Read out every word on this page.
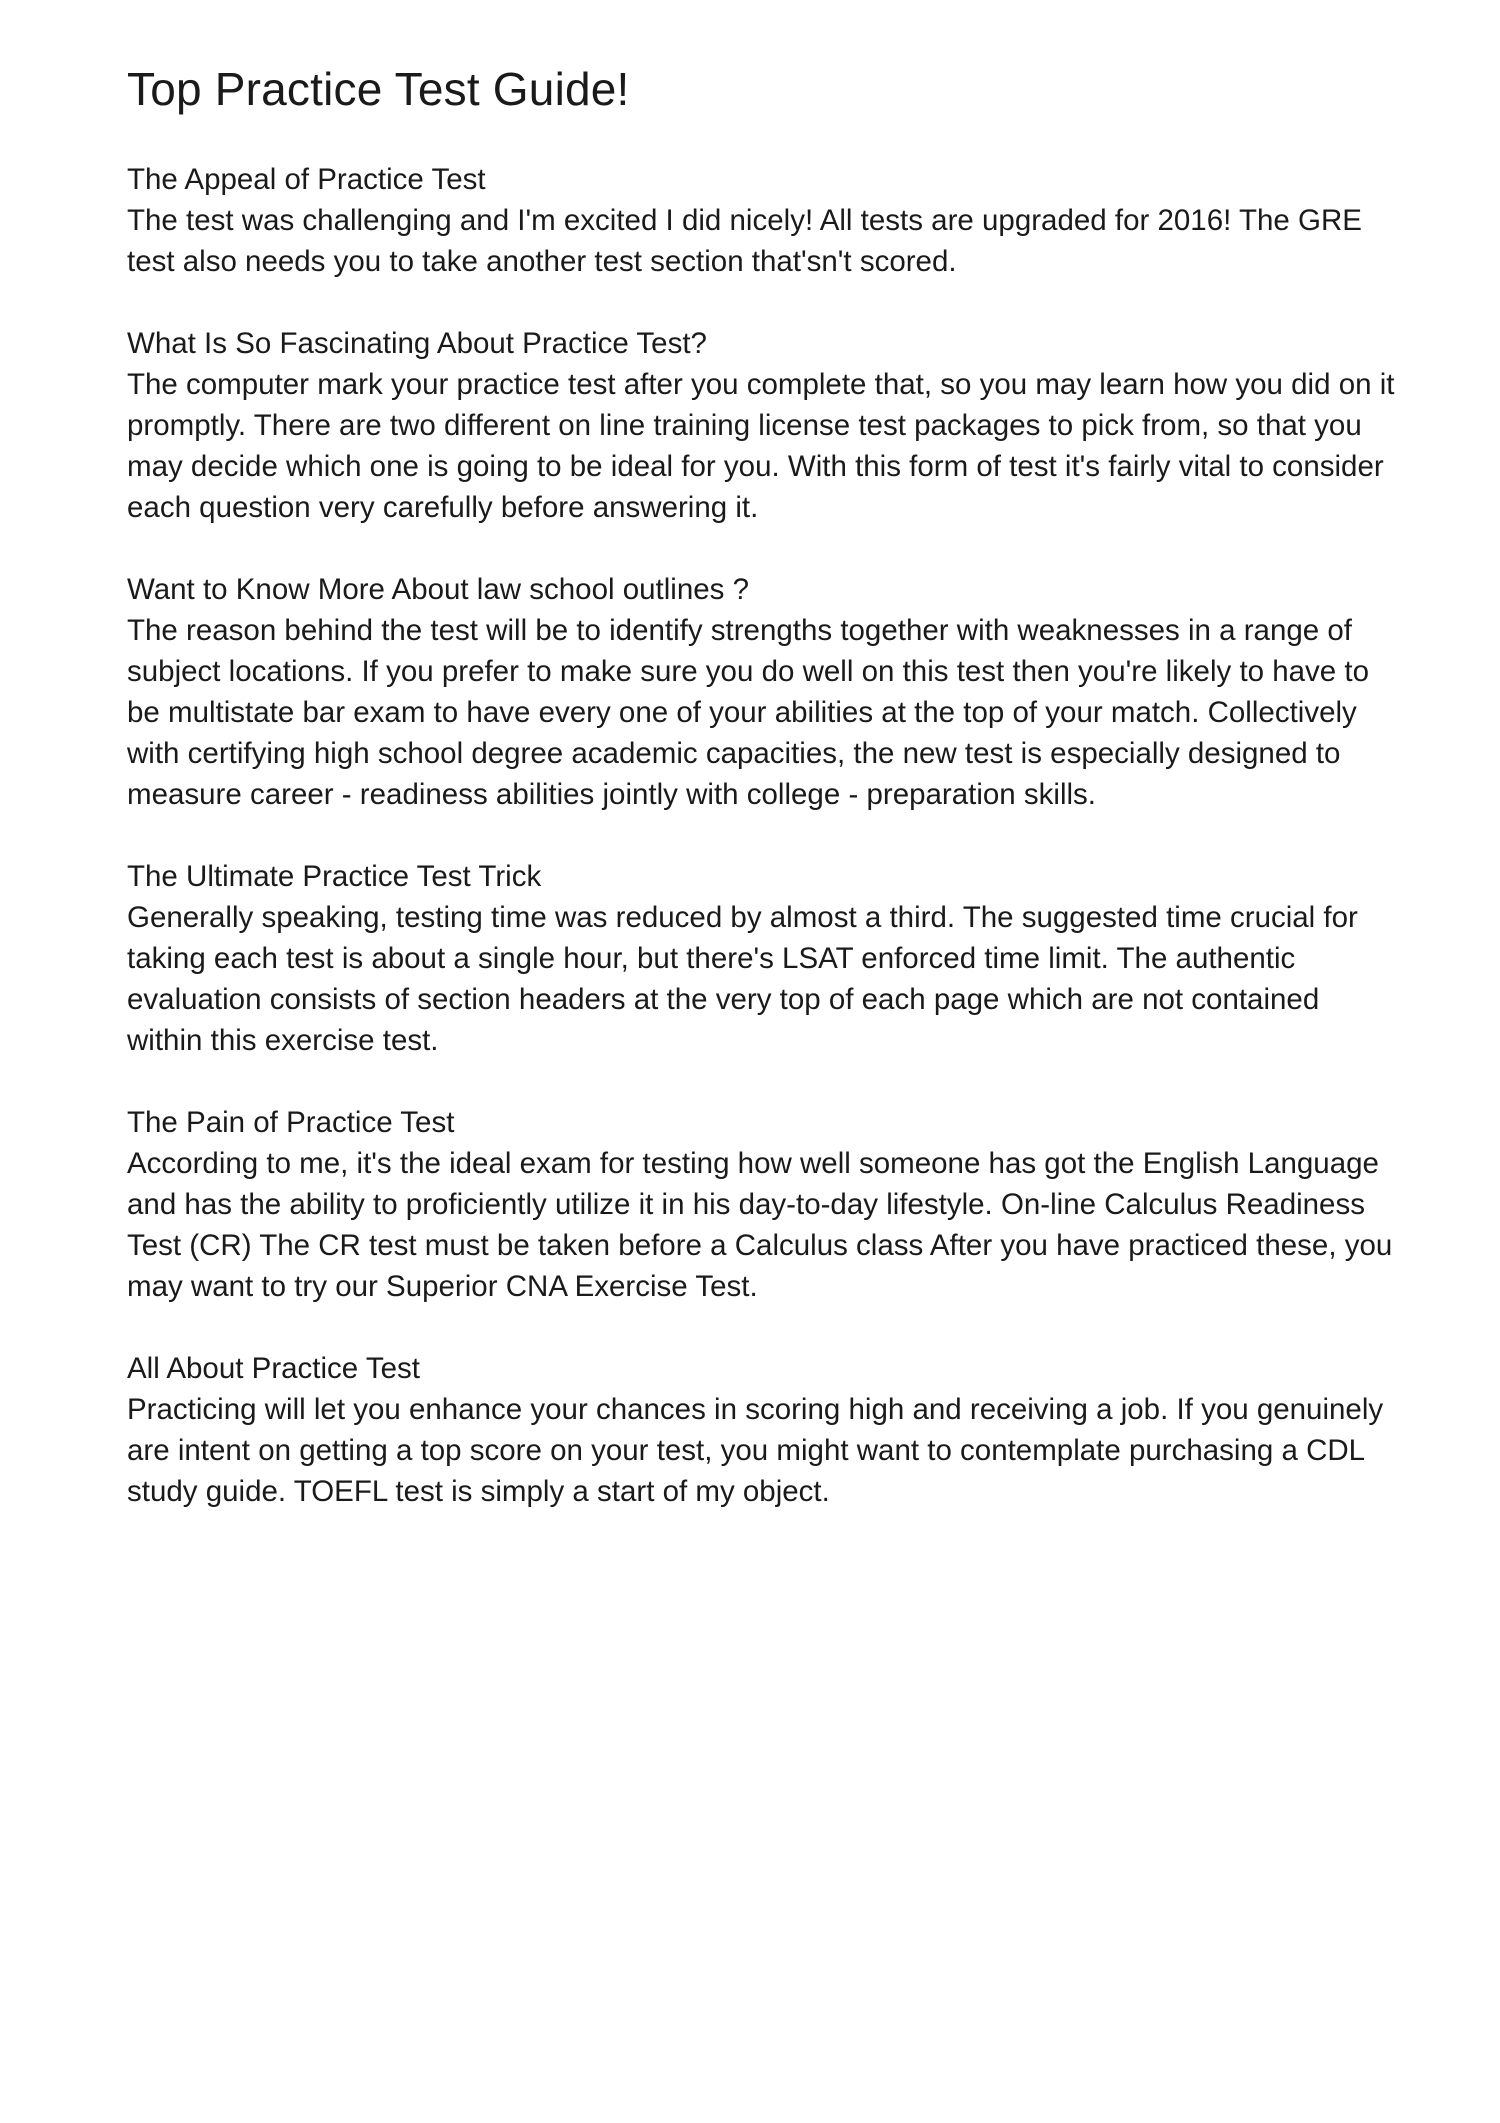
Top Practice Test Guide!

The Appeal of Practice Test

The test was challenging and I'm excited I did nicely! All tests are upgraded for 2016! The GRE test also needs you to take another test section that'sn't scored.

What Is So Fascinating About Practice Test?

The computer mark your practice test after you complete that, so you may learn how you did on it promptly. There are two different on line training license test packages to pick from, so that you may decide which one is going to be ideal for you. With this form of test it's fairly vital to consider each question very carefully before answering it.

Want to Know More About law school outlines ?

The reason behind the test will be to identify strengths together with weaknesses in a range of subject locations. If you prefer to make sure you do well on this test then you're likely to have to be multistate bar exam to have every one of your abilities at the top of your match. Collectively with certifying high school degree academic capacities, the new test is especially designed to measure career - readiness abilities jointly with college - preparation skills.

The Ultimate Practice Test Trick

Generally speaking, testing time was reduced by almost a third. The suggested time crucial for taking each test is about a single hour, but there's LSAT enforced time limit. The authentic evaluation consists of section headers at the very top of each page which are not contained within this exercise test.

The Pain of Practice Test

According to me, it's the ideal exam for testing how well someone has got the English Language and has the ability to proficiently utilize it in his day-to-day lifestyle. On-line Calculus Readiness Test (CR) The CR test must be taken before a Calculus class After you have practiced these, you may want to try our Superior CNA Exercise Test.

All About Practice Test

Practicing will let you enhance your chances in scoring high and receiving a job. If you genuinely are intent on getting a top score on your test, you might want to contemplate purchasing a CDL study guide. TOEFL test is simply a start of my object.
